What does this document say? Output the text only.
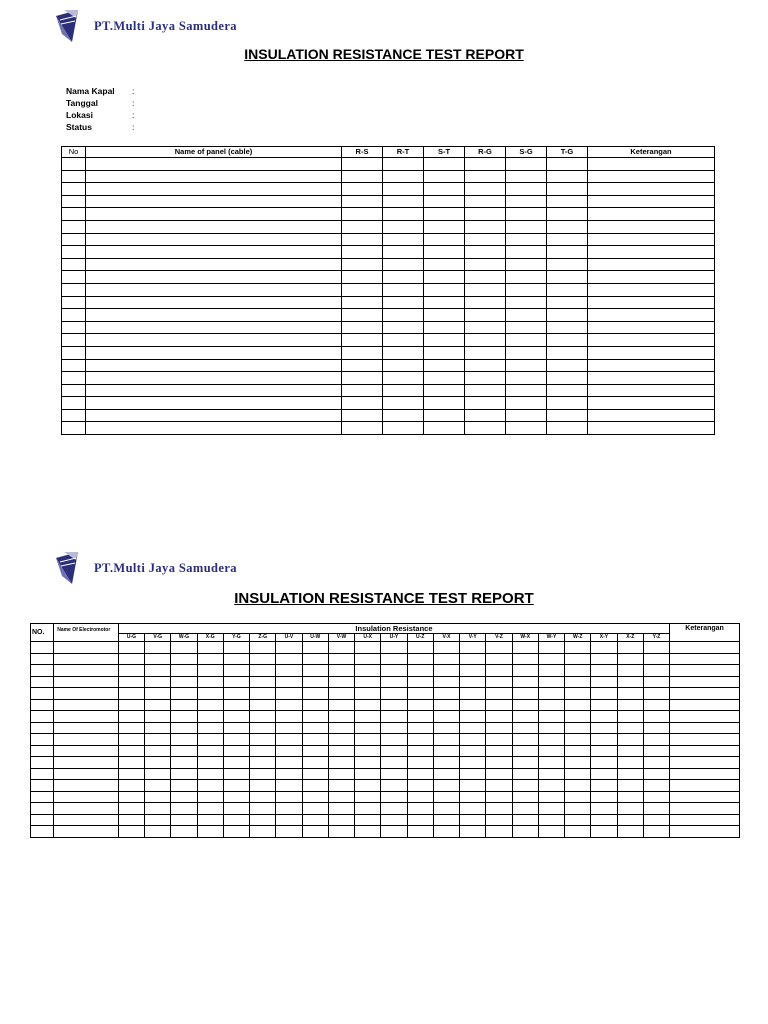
PT.Multi Jaya Samudera
INSULATION RESISTANCE TEST REPORT
Nama Kapal	:
Tanggal	:
Lokasi	:
Status	:
No	Name of panel (cable)	R-S	R-T	S-T	R-G	S-G	T-G	Keterangan

PT.Multi Jaya Samudera
INSULATION RESISTANCE TEST REPORT
NO.	Name Of Electromotor	Insulation Resistance																					Keterangan
		U-G	V-G	W-G	X-G	Y-G	Z-G	U-V	U-W	V-W	U-X	U-Y	U-Z	V-X	V-Y	V-Z	W-X	W-Y	W-Z	X-Y	X-Z	Y-Z	
